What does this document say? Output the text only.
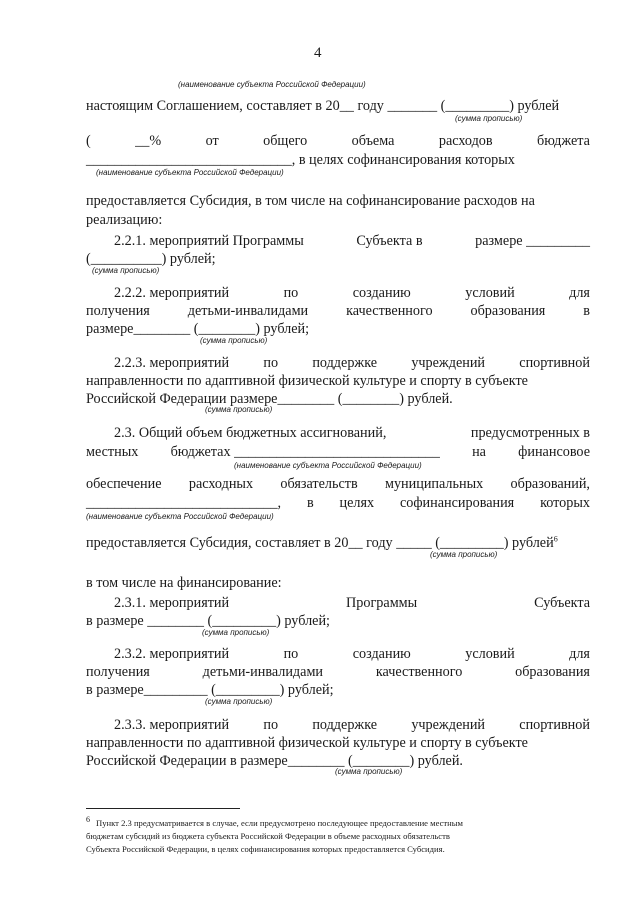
4
(наименование субъекта Российской Федерации)
настоящим Соглашением, составляет в 20__ году _______ (_________) рублей
(сумма прописью)
(	__%	от	общего	объема	расходов	бюджета
_____________________________, в целях софинансирования которых
(наименование субъекта Российской Федерации)
предоставляется Субсидия, в том числе на софинансирование расходов на
реализацию:
2.2.1. мероприятий Программы	Субъекта в	размере _________
(__________) рублей;
(сумма прописью)
2.2.2. мероприятий	по	созданию	условий	для
получения	детьми-инвалидами	качественного	образования	в
размере________ (________) рублей;
(сумма прописью)
2.2.3. мероприятий по поддержке учреждений спортивной
направленности по адаптивной физической культуре и спорту в субъекте
Российской Федерации размере________ (________) рублей.
(сумма прописью)
2.3. Общий объем бюджетных ассигнований,	предусмотренных в
местных бюджетах _____________________________ на финансовое
(наименование субъекта Российской Федерации)
обеспечение расходных обязательств муниципальных образований,
___________________________, в целях софинансирования которых
(наименование субъекта Российской Федерации)
предоставляется Субсидия, составляет в 20__ году _____ (_________) рублей$^6$
(сумма прописью)
в том числе на финансирование:
2.3.1. мероприятий	Программы	Субъекта
в размере ________ (_________) рублей;
(сумма прописью)
2.3.2. мероприятий	по	созданию	условий	для
получения	детьми-инвалидами	качественного	образования
в размере_________ (_________) рублей;
(сумма прописью)
2.3.3. мероприятий по поддержке учреждений спортивной
направленности по адаптивной физической культуре и спорту в субъекте
Российской Федерации в размере________ (________) рублей.
(сумма прописью)
$^6$ Пункт 2.3 предусматривается в случае, если предусмотрено последующее предоставление местным
бюджетам субсидий из бюджета субъекта Российской Федерации в объеме расходных обязательств
Субъекта Российской Федерации, в целях софинансирования которых предоставляется Субсидия.
